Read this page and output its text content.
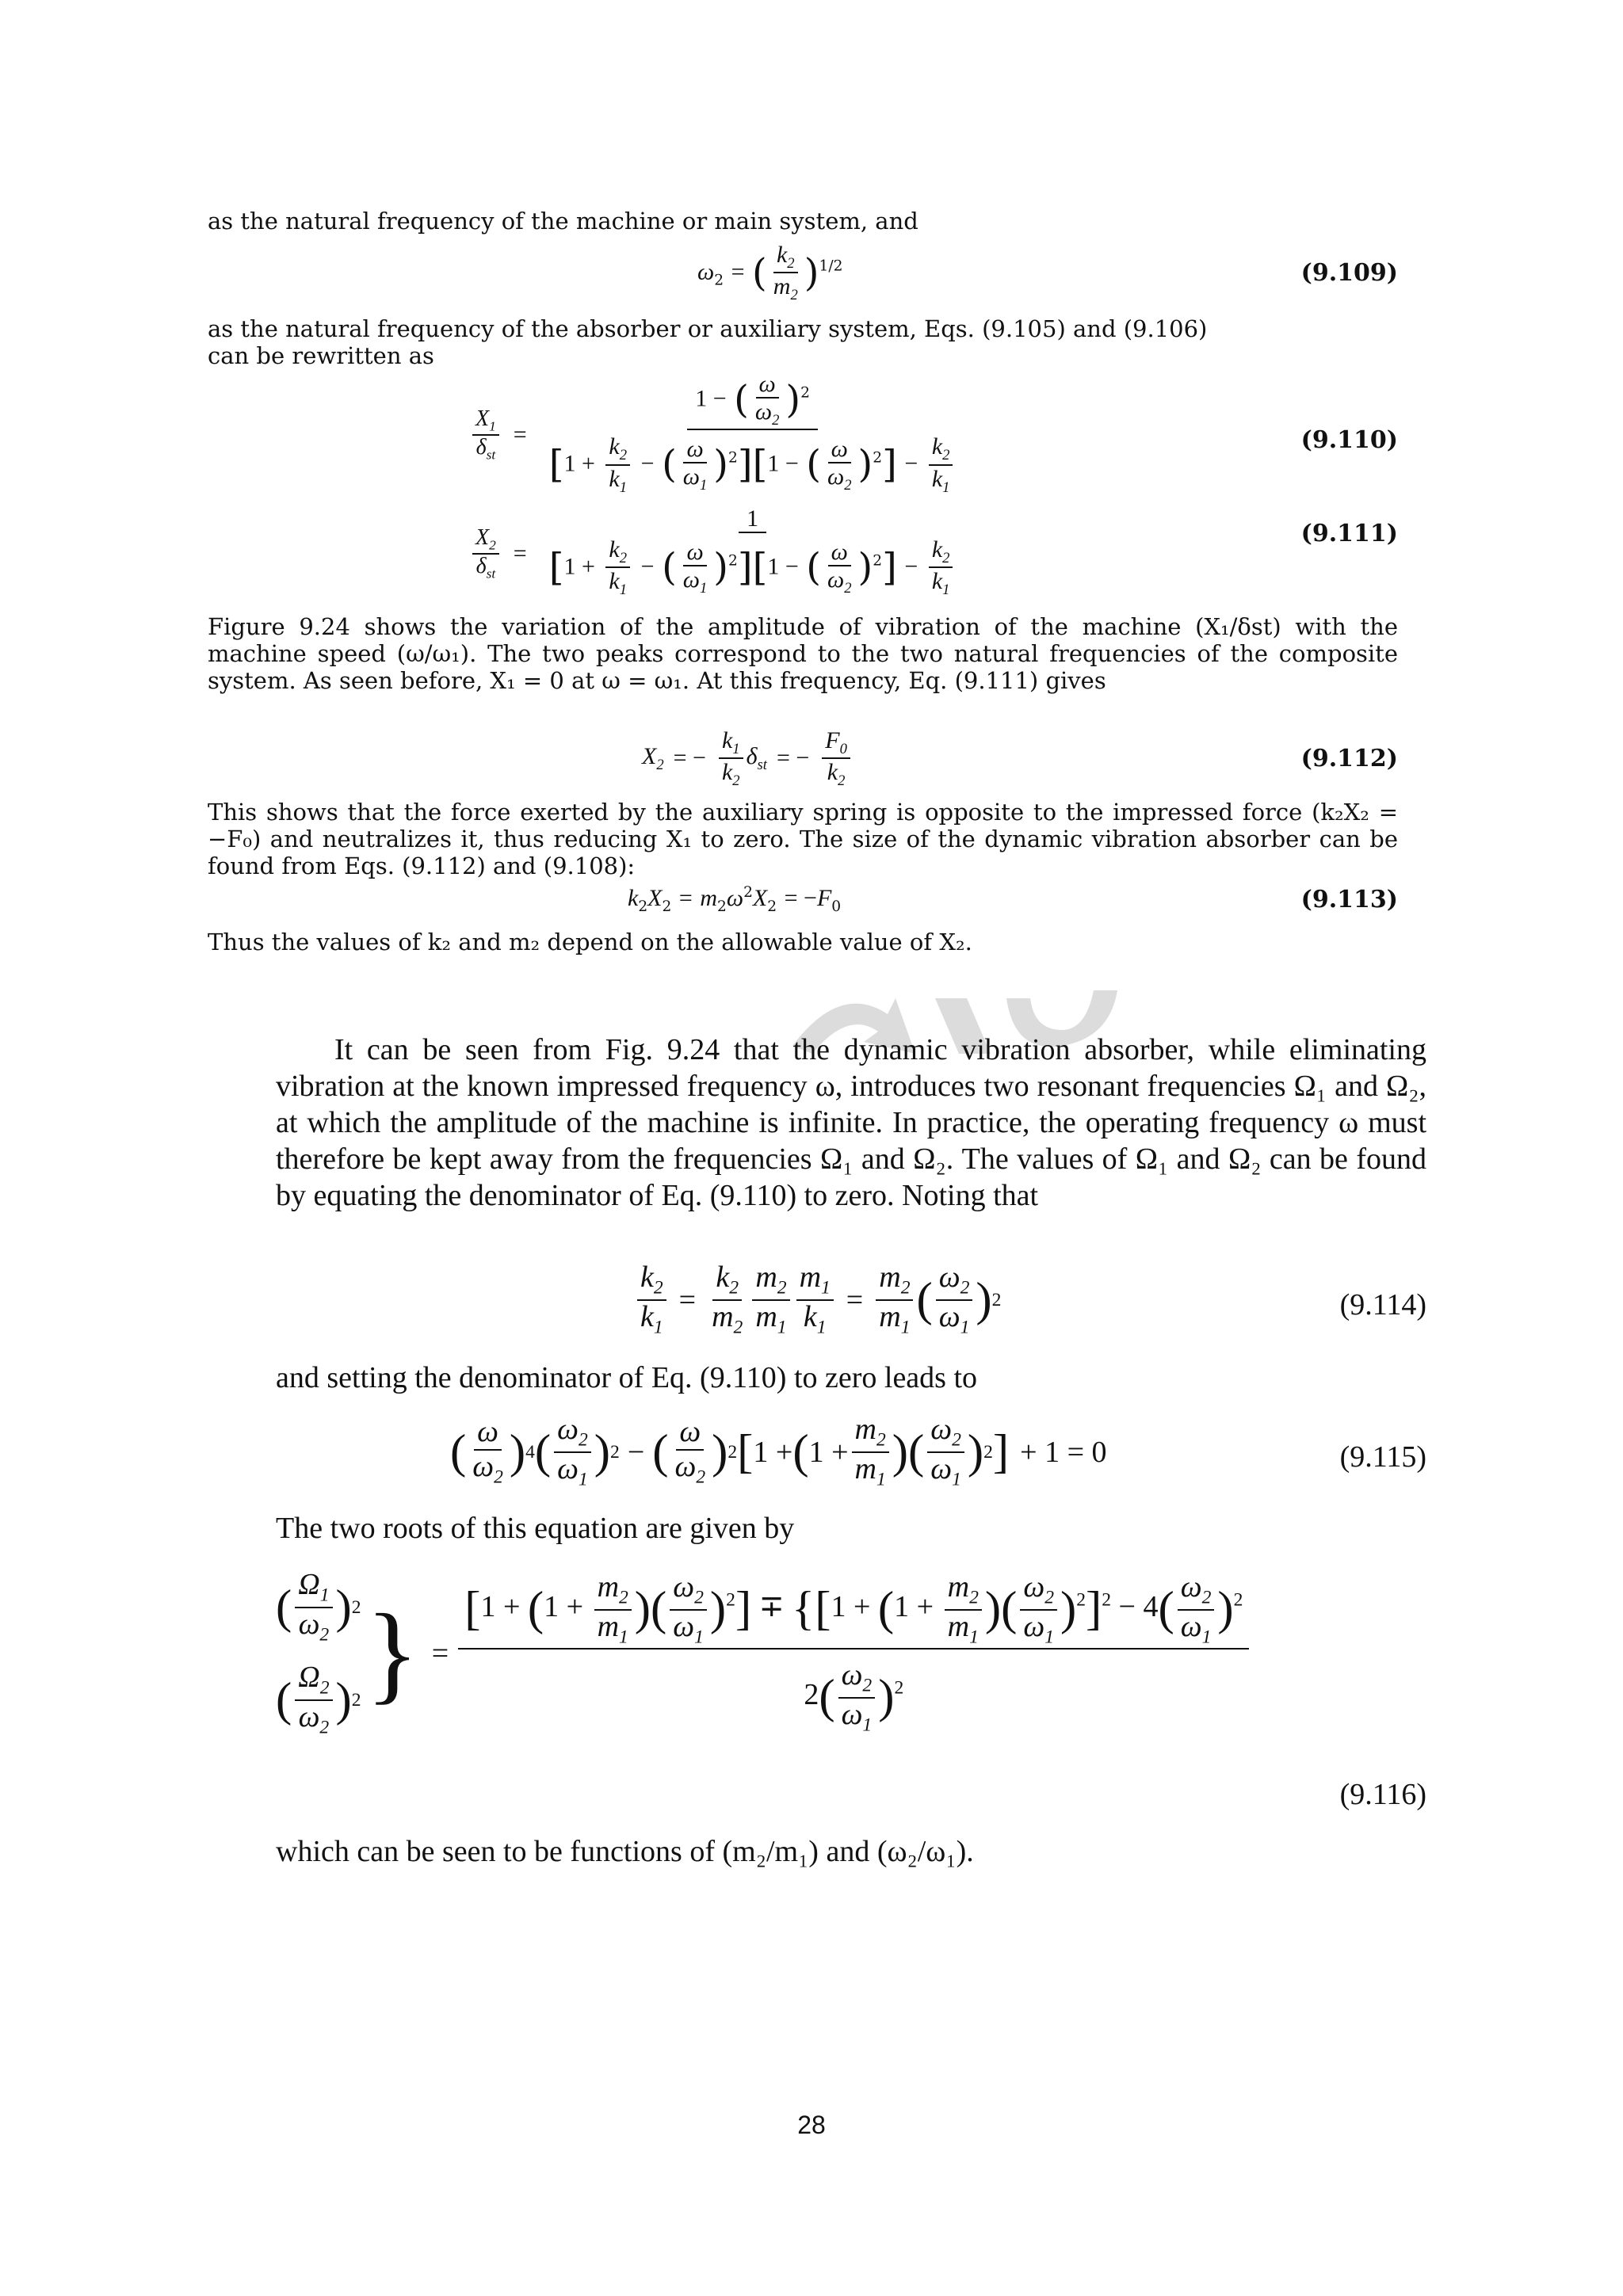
as the natural frequency of the machine or main system, and

$\omega_2$ = ( $\frac{k_2}{m_2} )^{1/2}$	(9.109)

as the natural frequency of the absorber or auxiliary system, Eqs. (9.105) and (9.106)

can be rewritten as

$\frac{X_1}{\delta_{st}} = \frac{1 - ( \frac{\omega}{\omega_2} )^2}{[1 + \frac{k_2}{k_1} - ( \frac{\omega}{\omega_1} )^2][1 - ( \frac{\omega}{\omega_2} )^2] - \frac{k_2}{k_1}}$	(9.110)
$\frac{X_2}{\delta_{st}} = \frac{1}{[1 + \frac{k_2}{k_1} - ( \frac{\omega}{\omega_1} )^2][1 - ( \frac{\omega}{\omega_2} )^2] - \frac{k_2}{k_1}}$	(9.111)

Figure 9.24 shows the variation of the amplitude of vibration of the machine (X₁/δst) with the machine speed (ω/ω₁). The two peaks correspond to the two natural frequencies of the composite system. As seen before, X₁ = 0 at ω = ω₁. At this frequency, Eq. (9.111) gives

$X_2$ = − $\frac{k_1}{k_2} \delta_{st}$ = − $\frac{F_0}{k_2}$	(9.112)

This shows that the force exerted by the auxiliary spring is opposite to the impressed force (k₂X₂ = −F₀) and neutralizes it, thus reducing X₁ to zero. The size of the dynamic vibration absorber can be found from Eqs. (9.112) and (9.108):

$k_2X_2 = m_2\omega^2X_2 = -F_0$	(9.113)

Thus the values of k₂ and m₂ depend on the allowable value of X₂.

It can be seen from Fig. 9.24 that the dynamic vibration absorber, while eliminating vibration at the known impressed frequency ω, introduces two resonant frequencies Ω₁ and Ω₂, at which the amplitude of the machine is infinite. In practice, the operating frequency ω must therefore be kept away from the frequencies Ω₁ and Ω₂. The values of Ω₁ and Ω₂ can be found by equating the denominator of Eq. (9.110) to zero. Noting that

$\frac{k_2}{k_1} = \frac{k_2}{m_2} \frac{m_2}{m_1} \frac{m_1}{k_1} = \frac{m_2}{m_1}$ ( $\frac{\omega_2}{\omega_1}$ ) 2	(9.114)

and setting the denominator of Eq. (9.110) to zero leads to

( $\frac{\omega}{\omega_2}$ ) 4 ( $\frac{\omega_2}{\omega_1}$ ) 2 − ( $\frac{\omega}{\omega_2}$ ) 2 [ 1 + ( $1 + \frac{m_2}{m_1}$ )( $\frac{\omega_2}{\omega_1}$ ) 2 ] + 1 = 0	(9.115)

The two roots of this equation are given by

( $\frac{\Omega_1}{\omega_2}$ ) 2
( $\frac{\Omega_2}{\omega_2}$ ) 2 } =
[$1 + (1 + \frac{m_2}{m_1}$ )( $\frac{\omega_2}{\omega_1} )^2] \mp \{[1 + (1 + \frac{m_2}{m_1}$ )( $\frac{\omega_2}{\omega_1} )^2]^2 - 4( \frac{\omega_2}{\omega_1} )^2$
$2( \frac{\omega_2}{\omega_1} )^2$
(9.116)

which can be seen to be functions of (m₂/m₁) and (ω₂/ω₁).

28
